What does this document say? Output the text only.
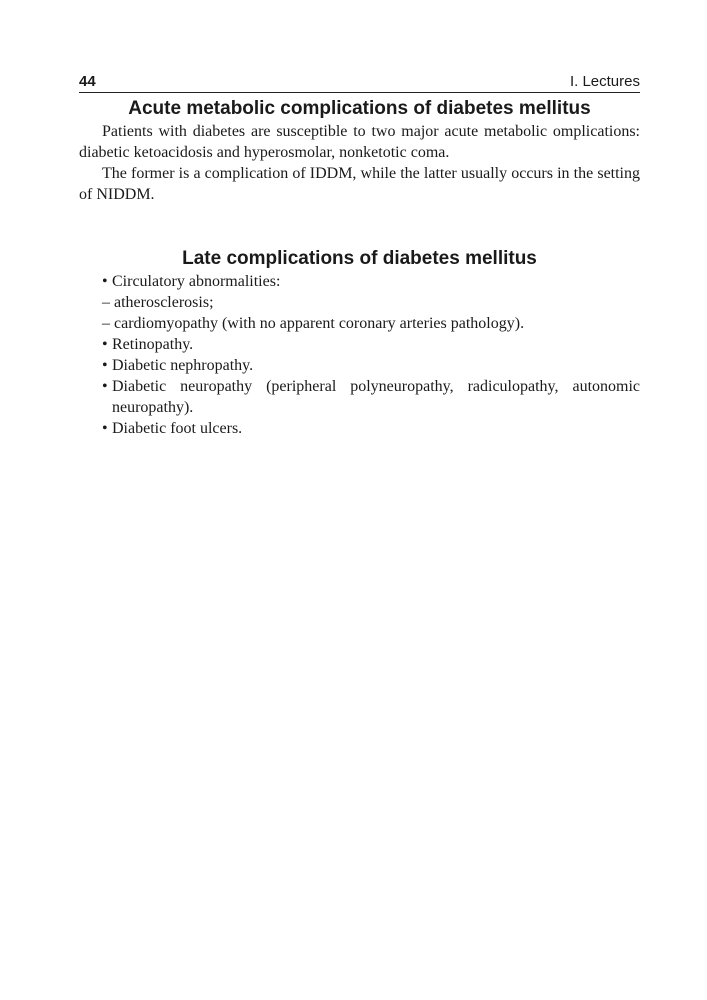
44	I. Lectures
Acute metabolic complications of diabetes mellitus

Patients with diabetes are susceptible to two major acute metabolic omplications: diabetic ketoacidosis and hyperosmolar, nonketotic coma.

The former is a complication of IDDM, while the latter usually occurs in the setting of NIDDM.

Late complications of diabetes mellitus
• Circulatory abnormalities:
– atherosclerosis;
– cardiomyopathy (with no apparent coronary arteries pathology).
• Retinopathy.
• Diabetic nephropathy.
• Diabetic neuropathy (peripheral polyneuropathy, radiculopathy, autonomic neuropathy).
• Diabetic foot ulcers.
